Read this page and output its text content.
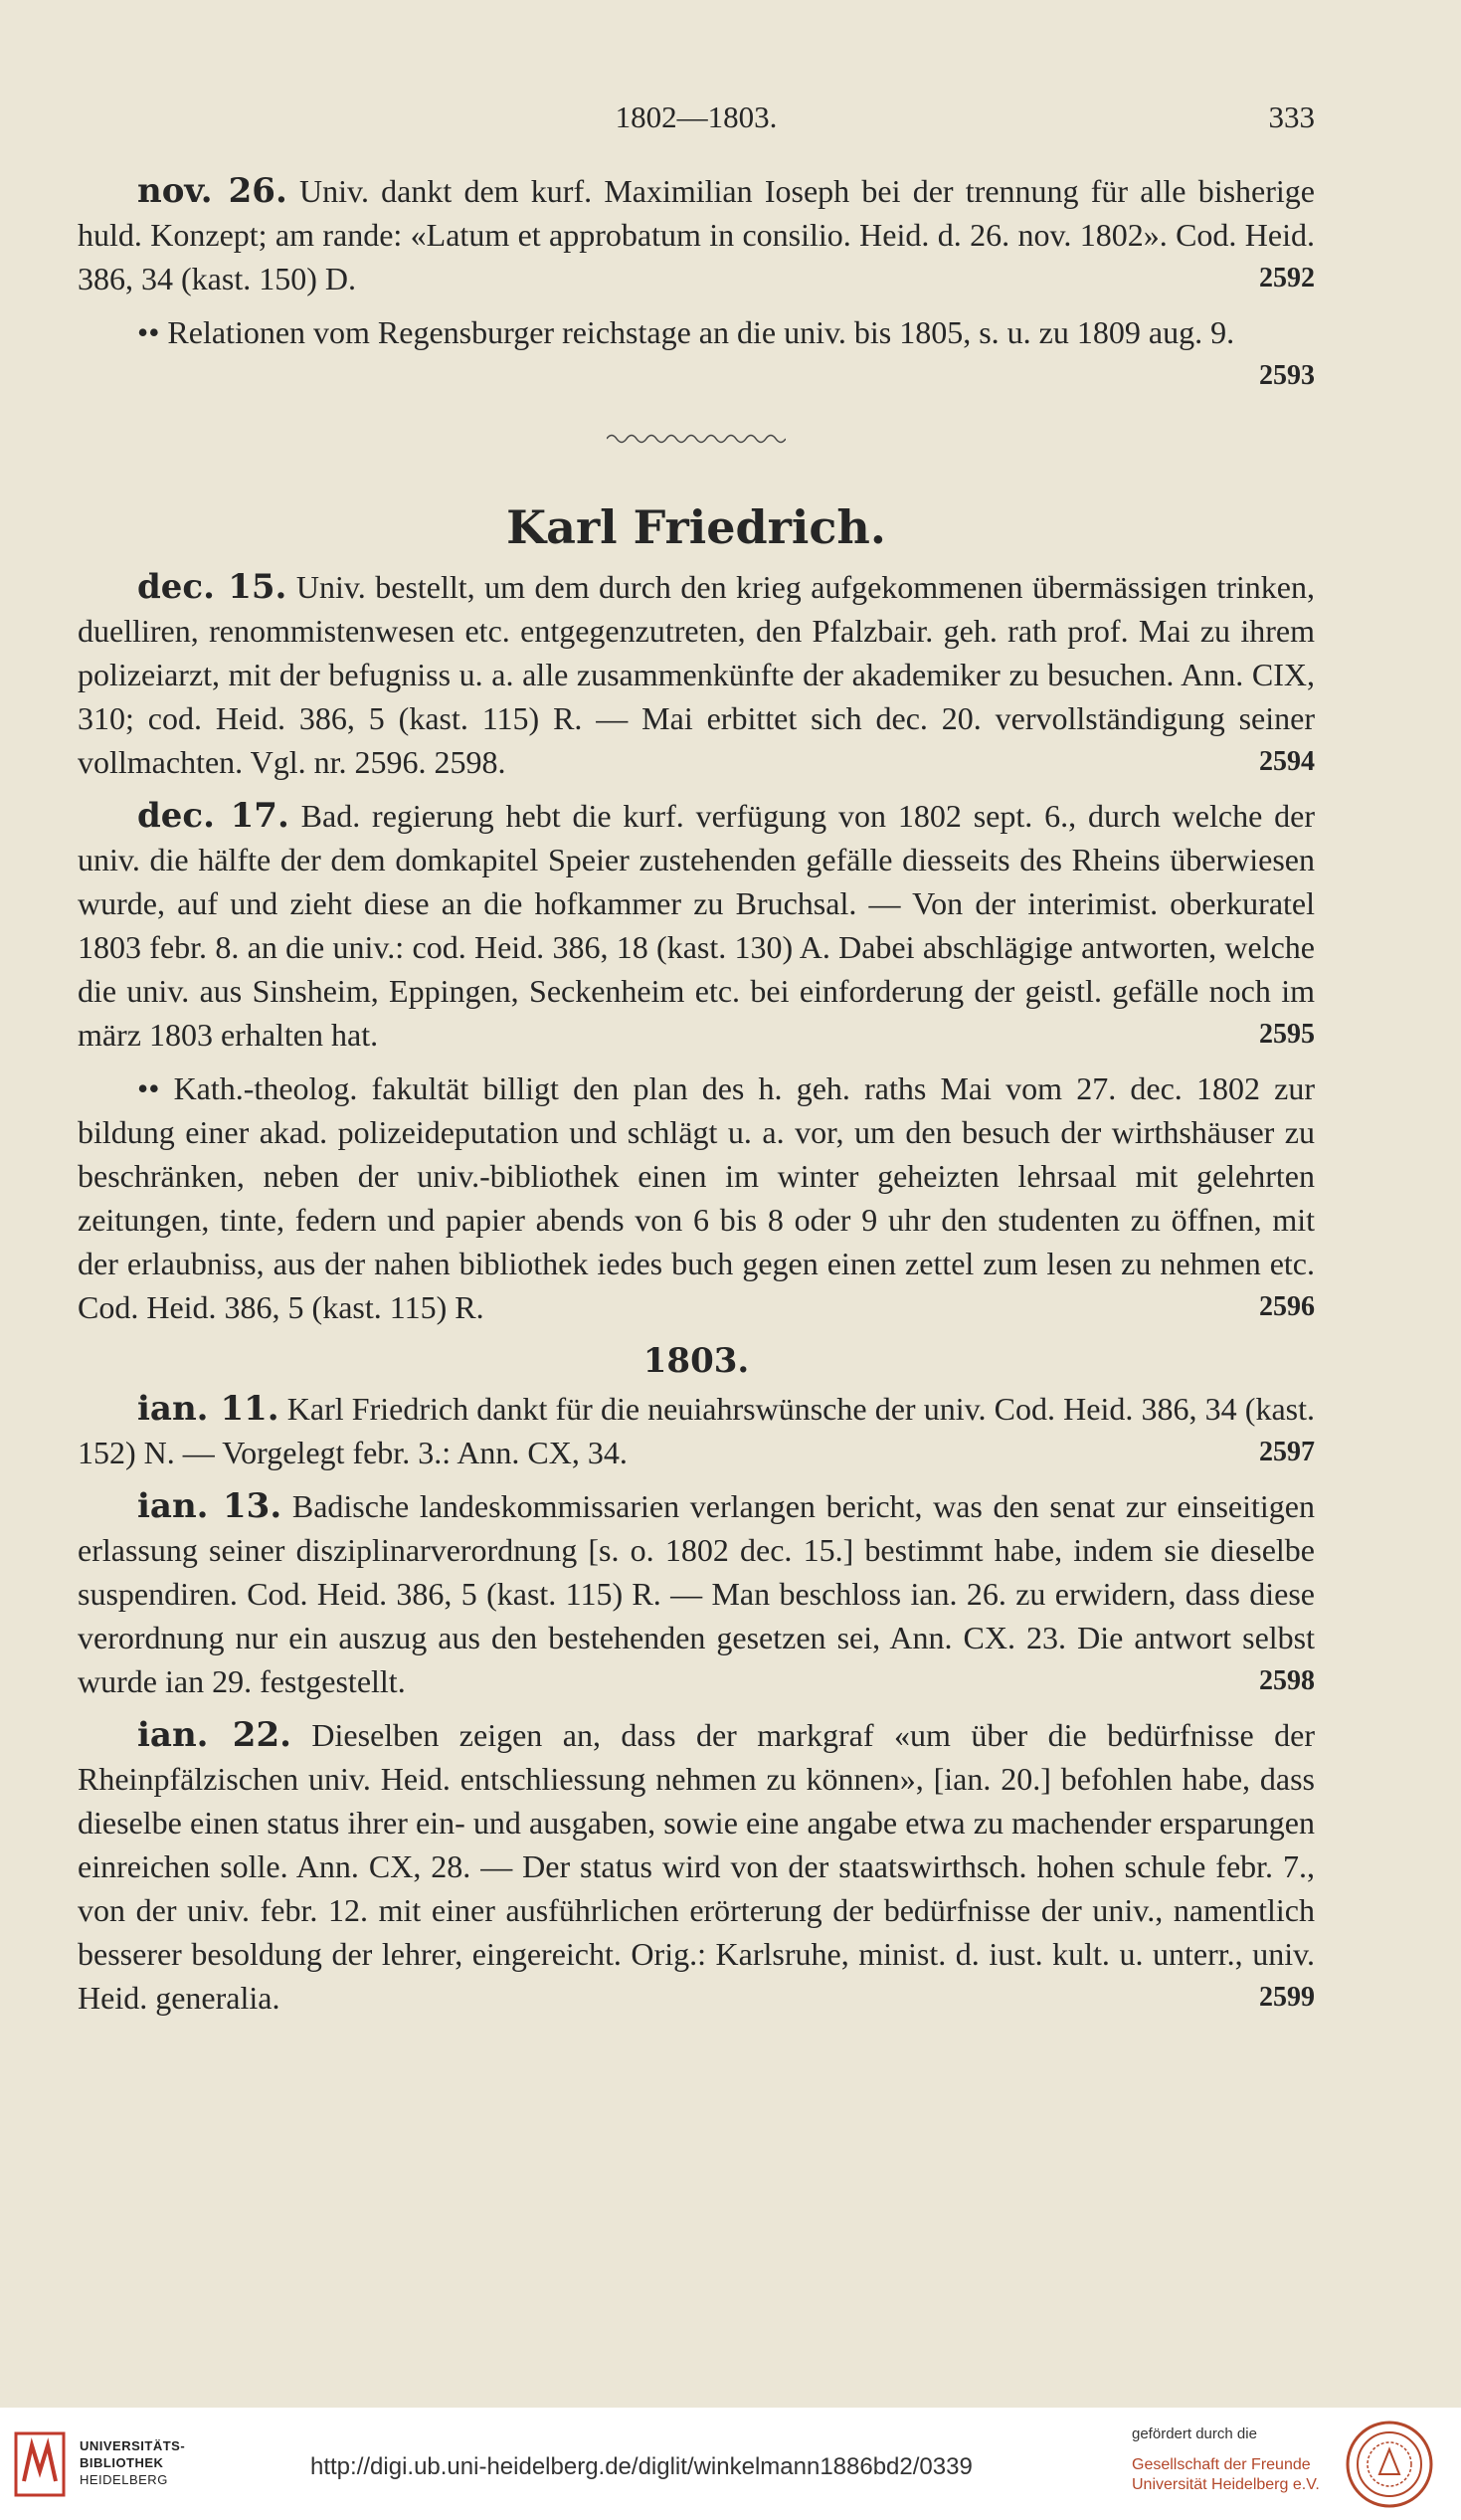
1802—1803.	333
nov. 26. Univ. dankt dem kurf. Maximilian Ioseph bei der trennung für alle bisherige huld. Konzept; am rande: «Latum et approbatum in consilio. Heid. d. 26. nov. 1802». Cod. Heid. 386, 34 (kast. 150) D.	2592
•• Relationen vom Regensburger reichstage an die univ. bis 1805, s. u. zu 1809 aug. 9.
2593
Karl Friedrich.
dec. 15. Univ. bestellt, um dem durch den krieg aufgekommenen übermässigen trinken, duelliren, renommistenwesen etc. entgegenzutreten, den Pfalzbair. geh. rath prof. Mai zu ihrem polizeiarzt, mit der befugniss u. a. alle zusammenkünfte der akademiker zu besuchen. Ann. CIX, 310; cod. Heid. 386, 5 (kast. 115) R. — Mai erbittet sich dec. 20. vervollständigung seiner vollmachten. Vgl. nr. 2596. 2598.	2594
dec. 17. Bad. regierung hebt die kurf. verfügung von 1802 sept. 6., durch welche der univ. die hälfte der dem domkapitel Speier zustehenden gefälle diesseits des Rheins überwiesen wurde, auf und zieht diese an die hofkammer zu Bruchsal. — Von der interimist. oberkuratel 1803 febr. 8. an die univ.: cod. Heid. 386, 18 (kast. 130) A. Dabei abschlägige antworten, welche die univ. aus Sinsheim, Eppingen, Seckenheim etc. bei einforderung der geistl. gefälle noch im märz 1803 erhalten hat.	2595
•• Kath.-theolog. fakultät billigt den plan des h. geh. raths Mai vom 27. dec. 1802 zur bildung einer akad. polizeideputation und schlägt u. a. vor, um den besuch der wirthshäuser zu beschränken, neben der univ.-bibliothek einen im winter geheizten lehrsaal mit gelehrten zeitungen, tinte, federn und papier abends von 6 bis 8 oder 9 uhr den studenten zu öffnen, mit der erlaubniss, aus der nahen bibliothek iedes buch gegen einen zettel zum lesen zu nehmen etc. Cod. Heid. 386, 5 (kast. 115) R.	2596
1803.
ian. 11. Karl Friedrich dankt für die neuiahrswünsche der univ. Cod. Heid. 386, 34 (kast. 152) N. — Vorgelegt febr. 3.: Ann. CX, 34.	2597
ian. 13. Badische landeskommissarien verlangen bericht, was den senat zur einseitigen erlassung seiner disziplinarverordnung [s. o. 1802 dec. 15.] bestimmt habe, indem sie dieselbe suspendiren. Cod. Heid. 386, 5 (kast. 115) R. — Man beschloss ian. 26. zu erwidern, dass diese verordnung nur ein auszug aus den bestehenden gesetzen sei, Ann. CX. 23. Die antwort selbst wurde ian 29. festgestellt.	2598
ian. 22. Dieselben zeigen an, dass der markgraf «um über die bedürfnisse der Rheinpfälzischen univ. Heid. entschliessung nehmen zu können», [ian. 20.] befohlen habe, dass dieselbe einen status ihrer ein- und ausgaben, sowie eine angabe etwa zu machender ersparungen einreichen solle. Ann. CX, 28. — Der status wird von der staatswirthsch. hohen schule febr. 7., von der univ. febr. 12. mit einer ausführlichen erörterung der bedürfnisse der univ., namentlich besserer besoldung der lehrer, eingereicht. Orig.: Karlsruhe, minist. d. iust. kult. u. unterr., univ. Heid. generalia.	2599
UNIVERSITÄTS-
BIBLIOTHEK
HEIDELBERG	http://digi.ub.uni-heidelberg.de/diglit/winkelmann1886bd2/0339
gefördert durch die
Gesellschaft der Freunde
Universität Heidelberg e.V.
